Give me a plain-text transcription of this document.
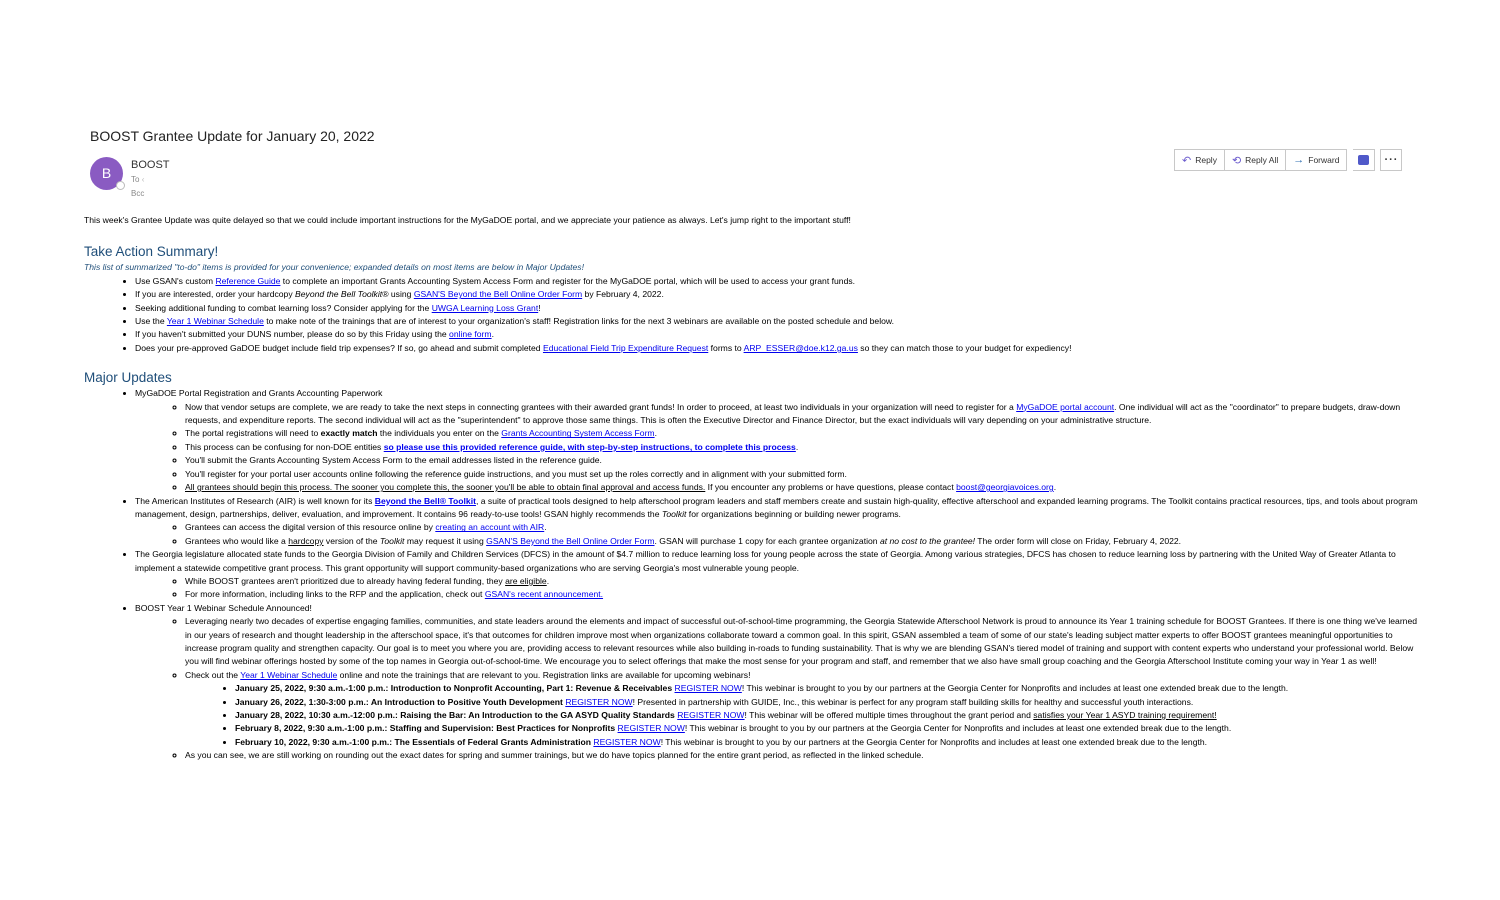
BOOST Grantee Update for January 20, 2022
B	BOOST
To ‹
Bcc
↶ Reply ⟲ Reply All → Forward	···

This week's Grantee Update was quite delayed so that we could include important instructions for the MyGaDOE portal, and we appreciate your patience as always. Let's jump right to the important stuff!

Take Action Summary!

This list of summarized "to-do" items is provided for your convenience; expanded details on most items are below in Major Updates!

• Use GSAN's custom Reference Guide to complete an important Grants Accounting System Access Form and register for the MyGaDOE portal, which will be used to access your grant funds.
• If you are interested, order your hardcopy Beyond the Bell Toolkit® using GSAN'S Beyond the Bell Online Order Form by February 4, 2022.
• Seeking additional funding to combat learning loss? Consider applying for the UWGA Learning Loss Grant!
• Use the Year 1 Webinar Schedule to make note of the trainings that are of interest to your organization's staff! Registration links for the next 3 webinars are available on the posted schedule and below.
• If you haven't submitted your DUNS number, please do so by this Friday using the online form.
• Does your pre-approved GaDOE budget include field trip expenses? If so, go ahead and submit completed Educational Field Trip Expenditure Request forms to ARP_ESSER@doe.k12.ga.us so they can match those to your budget for expediency!
Major Updates
• MyGaDOE Portal Registration and Grants Accounting Paperwork
◦ Now that vendor setups are complete, we are ready to take the next steps in connecting grantees with their awarded grant funds! In order to proceed, at least two individuals in your organization will need to register for a MyGaDOE portal account. One individual will act as the "coordinator" to prepare budgets, draw-down requests, and expenditure reports. The second individual will act as the "superintendent" to approve those same things. This is often the Executive Director and Finance Director, but the exact individuals will vary depending on your administrative structure.
◦ The portal registrations will need to exactly match the individuals you enter on the Grants Accounting System Access Form.
◦ This process can be confusing for non-DOE entities so please use this provided reference guide, with step-by-step instructions, to complete this process.
◦ You'll submit the Grants Accounting System Access Form to the email addresses listed in the reference guide.
◦ You'll register for your portal user accounts online following the reference guide instructions, and you must set up the roles correctly and in alignment with your submitted form.
◦ All grantees should begin this process. The sooner you complete this, the sooner you'll be able to obtain final approval and access funds. If you encounter any problems or have questions, please contact boost@georgiavoices.org.
• The American Institutes of Research (AIR) is well known for its Beyond the Bell® Toolkit, a suite of practical tools designed to help afterschool program leaders and staff members create and sustain high-quality, effective afterschool and expanded learning programs. The Toolkit contains practical resources, tips, and tools about program management, design, partnerships, deliver, evaluation, and improvement. It contains 96 ready-to-use tools! GSAN highly recommends the Toolkit for organizations beginning or building newer programs.
◦ Grantees can access the digital version of this resource online by creating an account with AIR.
◦ Grantees who would like a hardcopy version of the Toolkit may request it using GSAN'S Beyond the Bell Online Order Form. GSAN will purchase 1 copy for each grantee organization at no cost to the grantee! The order form will close on Friday, February 4, 2022.
• The Georgia legislature allocated state funds to the Georgia Division of Family and Children Services (DFCS) in the amount of $4.7 million to reduce learning loss for young people across the state of Georgia. Among various strategies, DFCS has chosen to reduce learning loss by partnering with the United Way of Greater Atlanta to implement a statewide competitive grant process. This grant opportunity will support community-based organizations who are serving Georgia's most vulnerable young people.
◦ While BOOST grantees aren't prioritized due to already having federal funding, they are eligible.
◦ For more information, including links to the RFP and the application, check out GSAN's recent announcement.
• BOOST Year 1 Webinar Schedule Announced!
◦ Leveraging nearly two decades of expertise engaging families, communities, and state leaders around the elements and impact of successful out-of-school-time programming, the Georgia Statewide Afterschool Network is proud to announce its Year 1 training schedule for BOOST Grantees. If there is one thing we've learned in our years of research and thought leadership in the afterschool space, it's that outcomes for children improve most when organizations collaborate toward a common goal. In this spirit, GSAN assembled a team of some of our state's leading subject matter experts to offer BOOST grantees meaningful opportunities to increase program quality and strengthen capacity. Our goal is to meet you where you are, providing access to relevant resources while also building in-roads to funding sustainability. That is why we are blending GSAN's tiered model of training and support with content experts who understand your professional world. Below you will find webinar offerings hosted by some of the top names in Georgia out-of-school-time. We encourage you to select offerings that make the most sense for your program and staff, and remember that we also have small group coaching and the Georgia Afterschool Institute coming your way in Year 1 as well!
◦ Check out the Year 1 Webinar Schedule online and note the trainings that are relevant to you. Registration links are available for upcoming webinars!
• January 25, 2022, 9:30 a.m.-1:00 p.m.: Introduction to Nonprofit Accounting, Part 1: Revenue & Receivables REGISTER NOW! This webinar is brought to you by our partners at the Georgia Center for Nonprofits and includes at least one extended break due to the length.
• January 26, 2022, 1:30-3:00 p.m.: An Introduction to Positive Youth Development REGISTER NOW! Presented in partnership with GUIDE, Inc., this webinar is perfect for any program staff building skills for healthy and successful youth interactions.
• January 28, 2022, 10:30 a.m.-12:00 p.m.: Raising the Bar: An Introduction to the GA ASYD Quality Standards REGISTER NOW! This webinar will be offered multiple times throughout the grant period and satisfies your Year 1 ASYD training requirement!
• February 8, 2022, 9:30 a.m.-1:00 p.m.: Staffing and Supervision: Best Practices for Nonprofits REGISTER NOW! This webinar is brought to you by our partners at the Georgia Center for Nonprofits and includes at least one extended break due to the length.
• February 10, 2022, 9:30 a.m.-1:00 p.m.: The Essentials of Federal Grants Administration REGISTER NOW! This webinar is brought to you by our partners at the Georgia Center for Nonprofits and includes at least one extended break due to the length.
◦ As you can see, we are still working on rounding out the exact dates for spring and summer trainings, but we do have topics planned for the entire grant period, as reflected in the linked schedule.
